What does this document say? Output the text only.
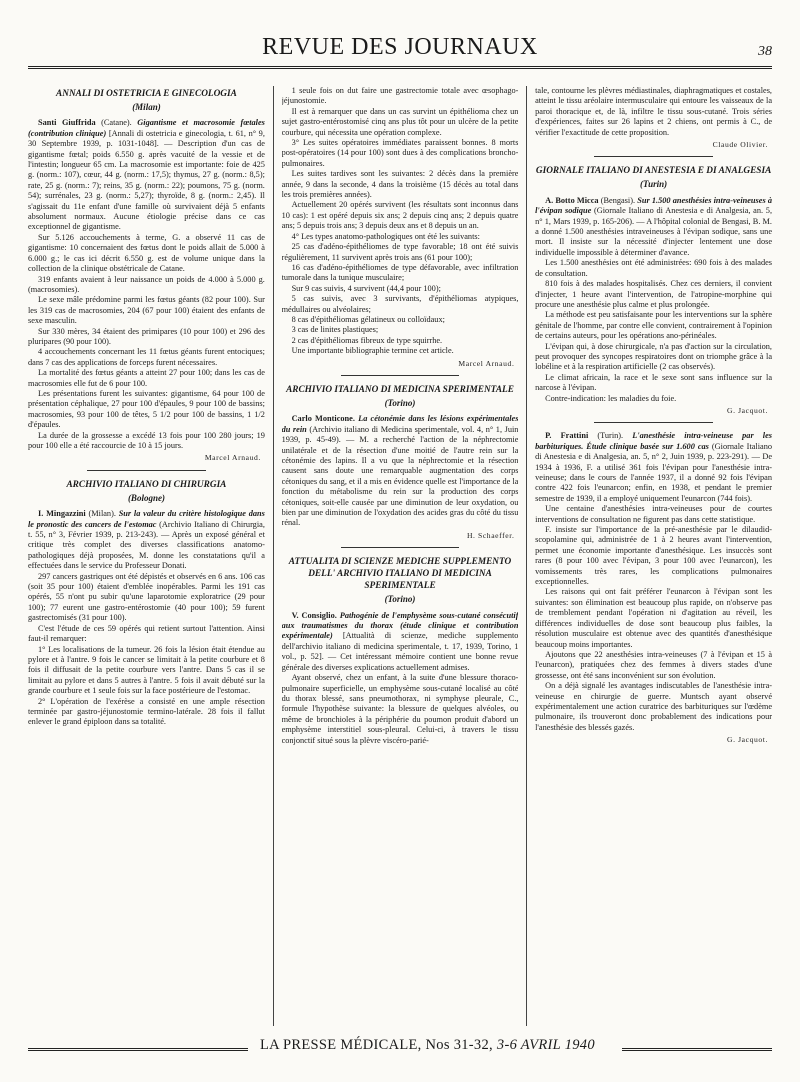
REVUE DES JOURNAUX	38
ANNALI DI OSTETRICIA E GINECOLOGIA
(Milan)

Santi Giuffrida (Catane). Gigantisme et macrosomie fœtales (contribution clinique) [Annali di ostetricia e ginecologia, t. 61, n° 9, 30 Septembre 1939, p. 1031-1048]. — Description d'un cas de gigantisme fœtal; poids 6.550 g. après vacuité de la vessie et de l'intestin; longueur 65 cm. La macrosomie est importante: foie de 425 g. (norm.: 107), cœur, 44 g. (norm.: 17,5); thymus, 27 g. (norm.: 8,5); rate, 25 g. (norm.: 7); reins, 35 g. (norm.: 22); poumons, 75 g. (norm. 54); surrénales, 23 g. (norm.: 5,27); thyroïde, 8 g. (norm.: 2,45). Il s'agissait du 11e enfant d'une famille où survivaient déjà 5 enfants absolument normaux. Aucune étiologie précise dans ce cas exceptionnel de gigantisme.

Sur 5.126 accouchements à terme, G. a observé 11 cas de gigantisme: 10 concernaient des fœtus dont le poids allait de 5.000 à 6.000 g.; le cas ici décrit 6.550 g. est de volume unique dans la collection de la clinique obstétricale de Catane.

319 enfants avaient à leur naissance un poids de 4.000 à 5.000 g. (macrosomies).

Le sexe mâle prédomine parmi les fœtus géants (82 pour 100). Sur les 319 cas de macrosomies, 204 (67 pour 100) étaient des enfants de sexe masculin.

Sur 330 mères, 34 étaient des primipares (10 pour 100) et 296 des pluripares (90 pour 100).

4 accouchements concernant les 11 fœtus géants furent entociques; dans 7 cas des applications de forceps furent nécessaires.

La mortalité des fœtus géants a atteint 27 pour 100; dans les cas de macrosomies elle fut de 6 pour 100.

Les présentations furent les suivantes: gigantisme, 64 pour 100 de présentation céphalique, 27 pour 100 d'épaules, 9 pour 100 de bassins; macrosomies, 93 pour 100 de têtes, 5 1/2 pour 100 de bassins, 1 1/2 d'épaules.

La durée de la grossesse a excédé 13 fois pour 100 280 jours; 19 pour 100 elle a été raccourcie de 10 à 15 jours.

Marcel Arnaud.
ARCHIVIO ITALIANO DI CHIRURGIA
(Bologne)

I. Mingazzini (Milan). Sur la valeur du critère histologique dans le pronostic des cancers de l'estomac (Archivio Italiano di Chirurgia, t. 55, n° 3, Février 1939, p. 213-243). — Après un exposé général et critique très complet des diverses classifications anatomo-pathologiques déjà proposées, M. donne les constatations qu'il a effectuées dans le service du Professeur Donati.

297 cancers gastriques ont été dépistés et observés en 6 ans. 106 cas (soit 35 pour 100) étaient d'emblée inopérables. Parmi les 191 cas opérés, 55 n'ont pu subir qu'une laparotomie exploratrice (29 pour 100); 77 eurent une gastro-entérostomie (40 pour 100); 59 furent gastrectomisés (31 pour 100).

C'est l'étude de ces 59 opérés qui retient surtout l'attention. Ainsi faut-il remarquer:

1° Les localisations de la tumeur. 26 fois la lésion était étendue au pylore et à l'antre. 9 fois le cancer se limitait à la petite courbure et 8 fois il diffusait de la petite courbure vers l'antre. Dans 5 cas il se limitait au pylore et dans 5 autres à l'antre. 5 fois il avait débuté sur la grande courbure et 1 seule fois sur la face postérieure de l'estomac.

2° L'opération de l'exérèse a consisté en une ample résection terminée par gastro-jéjunostomie termino-latérale. 28 fois il fallut enlever le grand épiploon dans sa totalité.

1 seule fois on dut faire une gastrectomie totale avec œsophago-jéjunostomie.

Il est à remarquer que dans un cas survint un épithélioma chez un sujet gastro-entérostomisé cinq ans plus tôt pour un ulcère de la petite courbure, qui nécessita une opération complexe.

3° Les suites opératoires immédiates paraissent bonnes. 8 morts post-opératoires (14 pour 100) sont dues à des complications broncho-pulmonaires.

Les suites tardives sont les suivantes: 2 décès dans la première année, 9 dans la seconde, 4 dans la troisième (15 décès au total dans les trois premières années).

Actuellement 20 opérés survivent (les résultats sont inconnus dans 10 cas): 1 est opéré depuis six ans; 2 depuis cinq ans; 2 depuis quatre ans; 5 depuis trois ans; 3 depuis deux ans et 8 depuis un an.

4° Les types anatomo-pathologiques ont été les suivants:

25 cas d'adéno-épithéliomes de type favorable; 18 ont été suivis régulièrement, 11 survivent après trois ans (61 pour 100);

16 cas d'adéno-épithéliomes de type défavorable, avec infiltration tumorale dans la tunique musculaire;

Sur 9 cas suivis, 4 survivent (44,4 pour 100);

5 cas suivis, avec 3 survivants, d'épithéliomas atypiques, médullaires ou alvéolaires;

8 cas d'épithéliomas gélatineux ou colloïdaux;

3 cas de linites plastiques;

2 cas d'épithéliomas fibreux de type squirrhe.

Une importante bibliographie termine cet article.

Marcel Arnaud.
ARCHIVIO ITALIANO DI MEDICINA SPERIMENTALE
(Torino)

Carlo Monticone. La cétonémie dans les lésions expérimentales du rein (Archivio italiano di Medicina sperimentale, vol. 4, n° 1, Juin 1939, p. 45-49). — M. a recherché l'action de la néphrectomie unilatérale et de la résection d'une moitié de l'autre rein sur la cétonémie des lapins. Il a vu que la néphrectomie et la résection causent sans doute une remarquable augmentation des corps cétoniques du sang, et il a mis en évidence quelle est l'importance de la fonction du métabolisme du rein sur la production des corps cétoniques, soit-elle causée par une diminution de leur oxydation, ou bien par une diminution de l'oxydation des acides gras du côté du tissu rénal.

H. Schaeffer.
ATTUALITA DI SCIENZE MEDICHE SUPPLEMENTO DELL' ARCHIVIO ITALIANO DI MEDICINA SPERIMENTALE
(Torino)

V. Consiglio. Pathogénie de l'emphysème sous-cutané consécutif aux traumatismes du thorax (étude clinique et contribution expérimentale) [Attualità di scienze, mediche supplemento dell'archivio italiano di medicina sperimentale, t. 17, 1939, Torino, 1 vol., p. 52]. — Cet intéressant mémoire contient une bonne revue générale des diverses explications actuellement admises.

Ayant observé, chez un enfant, à la suite d'une blessure thoraco-pulmonaire superficielle, un emphysème sous-cutané localisé au côté du thorax blessé, sans pneumothorax, ni symphyse pleurale, C., formule l'hypothèse suivante: la blessure de quelques alvéoles, ou même de bronchioles à la périphérie du poumon produit d'abord un emphysème interstitiel sous-pleural. Celui-ci, à travers le tissu conjonctif situé sous la plèvre viscéro-parié-

tale, contourne les plèvres médiastinales, diaphragmatiques et costales, atteint le tissu aréolaire intermusculaire qui entoure les vaisseaux de la paroi thoracique et, de là, infiltre le tissu sous-cutané. Trois séries d'expériences, faites sur 26 lapins et 2 chiens, ont permis à C., de vérifier l'exactitude de cette proposition.

Claude Olivier.
GIORNALE ITALIANO DI ANESTESIA E DI ANALGESIA
(Turin)

A. Botto Micca (Bengasi). Sur 1.500 anesthésies intra-veineuses à l'évipan sodique (Giornale Italiano di Anestesia e di Analgesia, an. 5, n° 1, Mars 1939, p. 165-206). — A l'hôpital colonial de Bengasi, B. M. a donné 1.500 anesthésies intraveineuses à l'évipan sodique, sans une mort. Il insiste sur la nécessité d'injecter lentement une dose individuelle impossible à déterminer d'avance.

Les 1.500 anesthésies ont été administrées: 690 fois à des malades de consultation.

810 fois à des malades hospitalisés. Chez ces derniers, il convient d'injecter, 1 heure avant l'intervention, de l'atropine-morphine qui procure une anesthésie plus calme et plus prolongée.

La méthode est peu satisfaisante pour les interventions sur la sphère génitale de l'homme, par contre elle convient, contrairement à l'opinion de certains auteurs, pour les opérations ano-périnéales.

L'évipan qui, à dose chirurgicale, n'a pas d'action sur la circulation, peut provoquer des syncopes respiratoires dont on triomphe grâce à la lobéline et à la respiration artificielle (2 cas observés).

Le climat africain, la race et le sexe sont sans influence sur la narcose à l'évipan.

Contre-indication: les maladies du foie.

G. Jacquot.

P. Frattini (Turin). L'anesthésie intra-veineuse par les barbituriques. Étude clinique basée sur 1.600 cas (Giornale Italiano di Anestesia e di Analgesia, an. 5, n° 2, Juin 1939, p. 223-291). — De 1934 à 1936, F. a utilisé 361 fois l'évipan pour l'anesthésie intra-veineuse; dans le cours de l'année 1937, il a donné 92 fois l'évipan contre 422 fois l'eunarcon; enfin, en 1938, et pendant le premier semestre de 1939, il a employé uniquement l'eunarcon (744 fois).

Une centaine d'anesthésies intra-veineuses pour de courtes interventions de consultation ne figurent pas dans cette statistique.

F. insiste sur l'importance de la pré-anesthésie par le dilaudid-scopolamine qui, administrée de 1 à 2 heures avant l'intervention, permet une économie importante d'anesthésique. Les insuccès sont rares (8 pour 100 avec l'évipan, 3 pour 100 avec l'eunarcon), les vomissements très rares, les complications pulmonaires exceptionnelles.

Les raisons qui ont fait préférer l'eunarcon à l'évipan sont les suivantes: son élimination est beaucoup plus rapide, on n'observe pas de tremblement pendant l'opération ni d'agitation au réveil, les différences individuelles de dose sont beaucoup plus faibles, la résolution musculaire est obtenue avec des quantités d'anesthésique beaucoup moins importantes.

Ajoutons que 22 anesthésies intra-veineuses (7 à l'évipan et 15 à l'eunarcon), pratiquées chez des femmes à divers stades d'une grossesse, ont été sans inconvénient sur son évolution.

On a déjà signalé les avantages indiscutables de l'anesthésie intra-veineuse en chirurgie de guerre. Muntsch ayant observé expérimentalement une action curatrice des barbituriques sur l'œdème pulmonaire, ils trouveront donc probablement des indications pour l'anesthésie des blessés gazés.

G. Jacquot.
LA PRESSE MÉDICALE, Nos 31-32, 3-6 AVRIL 1940
